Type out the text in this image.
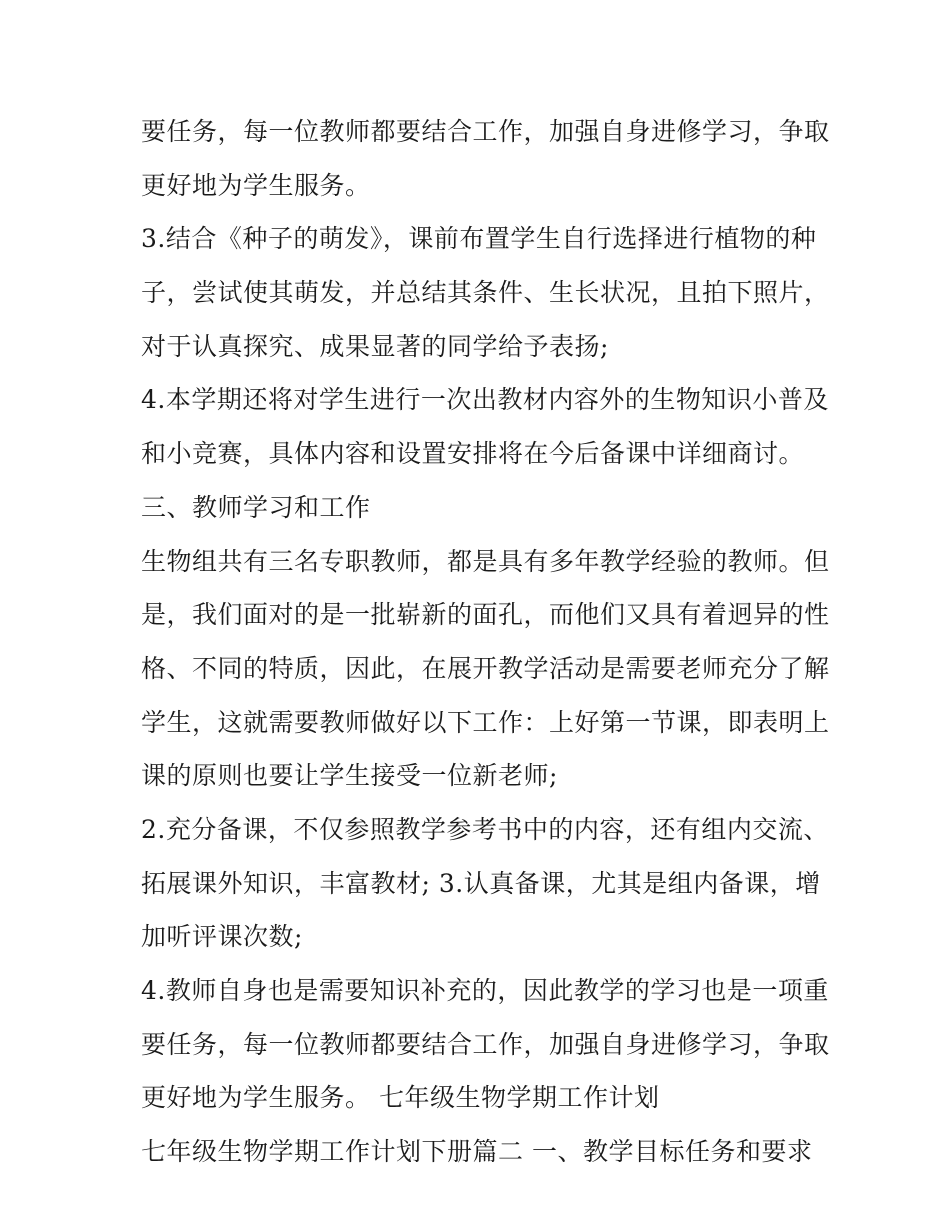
要任务，每一位教师都要结合工作，加强自身进修学习，争取
更好地为学生服务。
3.结合《种子的萌发》，课前布置学生自行选择进行植物的种
子，尝试使其萌发，并总结其条件、生长状况，且拍下照片，
对于认真探究、成果显著的同学给予表扬;
4.本学期还将对学生进行一次出教材内容外的生物知识小普及
和小竞赛，具体内容和设置安排将在今后备课中详细商讨。
三、教师学习和工作
生物组共有三名专职教师，都是具有多年教学经验的教师。但
是，我们面对的是一批崭新的面孔，而他们又具有着迥异的性
格、不同的特质，因此，在展开教学活动是需要老师充分了解
学生，这就需要教师做好以下工作：上好第一节课，即表明上
课的原则也要让学生接受一位新老师;
2.充分备课，不仅参照教学参考书中的内容，还有组内交流、
拓展课外知识，丰富教材; 3.认真备课，尤其是组内备课，增
加听评课次数;
4.教师自身也是需要知识补充的，因此教学的学习也是一项重
要任务，每一位教师都要结合工作，加强自身进修学习，争取
更好地为学生服务。 七年级生物学期工作计划
七年级生物学期工作计划下册篇二 一、教学目标任务和要求
